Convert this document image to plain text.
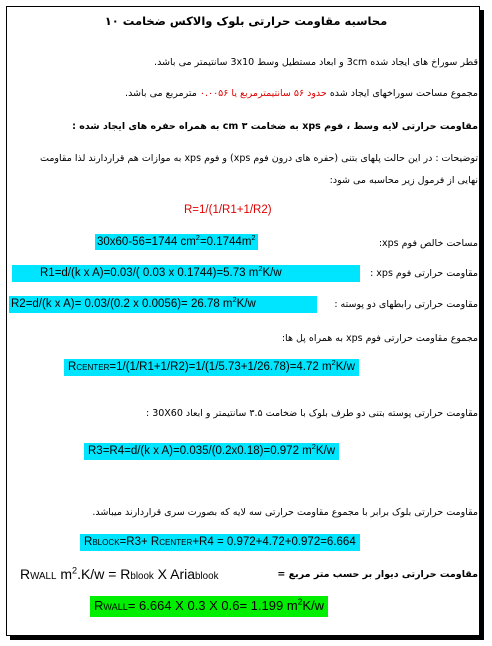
محاسبه مقاومت حرارتی بلوک والاکس ضخامت ۱۰
قطر سوراخ های ایجاد شده 3cm و ابعاد مستطیل وسط 3x10 سانتیمتر می باشد.
مجموع مساحت سوراخهای ایجاد شده حدود ۵۶ سانتیمترمربع یا ۰.۰۰۵۶ مترمربع می باشد.
مقاومت حرارتی لایه وسط ، فوم xps به ضخامت ۳ cm به همراه حفره های ایجاد شده :
توضیحات : در این حالت پلهای بتنی (حفره های درون فوم xps) و فوم xps به موازات هم قراردارند لذا مقاومت
نهایی از فرمول زیر محاسبه می شود:
R=1/(1/R1+1/R2)
30x60-56=1744 $cm^2=0.1744m^2$
مساحت خالص فوم xps:
R1=d/(k x A)=0.03/( 0.03 x 0.1744)=5.73 $m^2K/w$	مقاومت حرارتی فوم xps :
R2=d/(k x A)= 0.03/(0.2 x 0.0056)= 26.78 $m^2K/w$	مقاومت حرارتی رابطهای دو پوسته :
مجموع مقاومت حرارتی فوم xps به همراه پل ها:
RCENTER=1/(1/R1+1/R2)=1/(1/5.73+1/26.78)=4.72 $m^2K/w$
مقاومت حرارتی پوسته بتنی دو طرف بلوک با ضخامت ۳.۵ سانتیمتر و ابعاد 30X60 :
R3=R4=d/(k x A)=0.035/(0.2x0.18)=0.972 $m^2K/w$
مقاومت حرارتی بلوک برابر با مجموع مقاومت حرارتی سه لایه که بصورت سری قراردارند میباشد.
RBLOCK=R3+ RCENTER+R4 = 0.972+4.72+0.972=6.664
RWALL $m^2.K/w$ = Rblook X Ariablook	مقاومت حرارتی دیوار بر حسب متر مربع =
RWALL= 6.664 X 0.3 X 0.6= 1.199 $m^2K/w$
